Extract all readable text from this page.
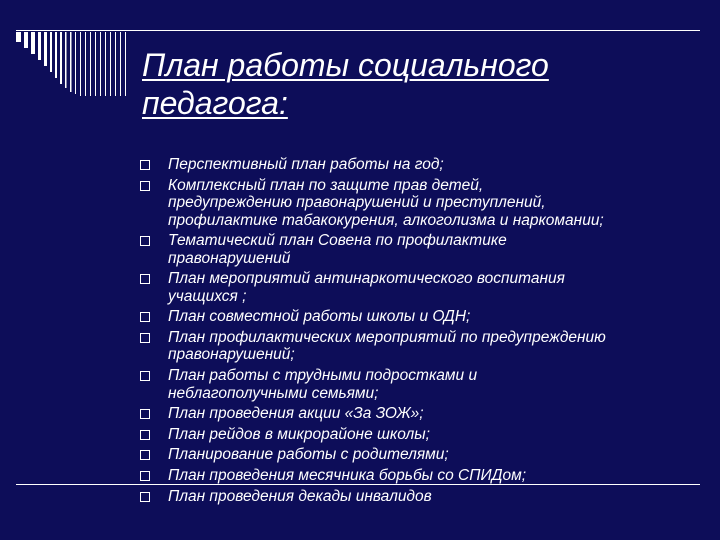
План работы социального
педагога:
Перспективный план работы на год;
Комплексный план по защите прав детей,
предупреждению правонарушений и преступлений,
профилактике табакокурения, алкоголизма и наркомании;
Тематический план Совена по профилактике
правонарушений
План мероприятий антинаркотического воспитания
учащихся ;
План совместной работы школы и ОДН;
План профилактических мероприятий по предупреждению
правонарушений;
План работы с трудными подростками и
неблагополучными семьями;
План проведения акции «За ЗОЖ»;
План рейдов в микрорайоне школы;
Планирование работы с родителями;
План проведения месячника борьбы со СПИДом;
План проведения декады инвалидов
